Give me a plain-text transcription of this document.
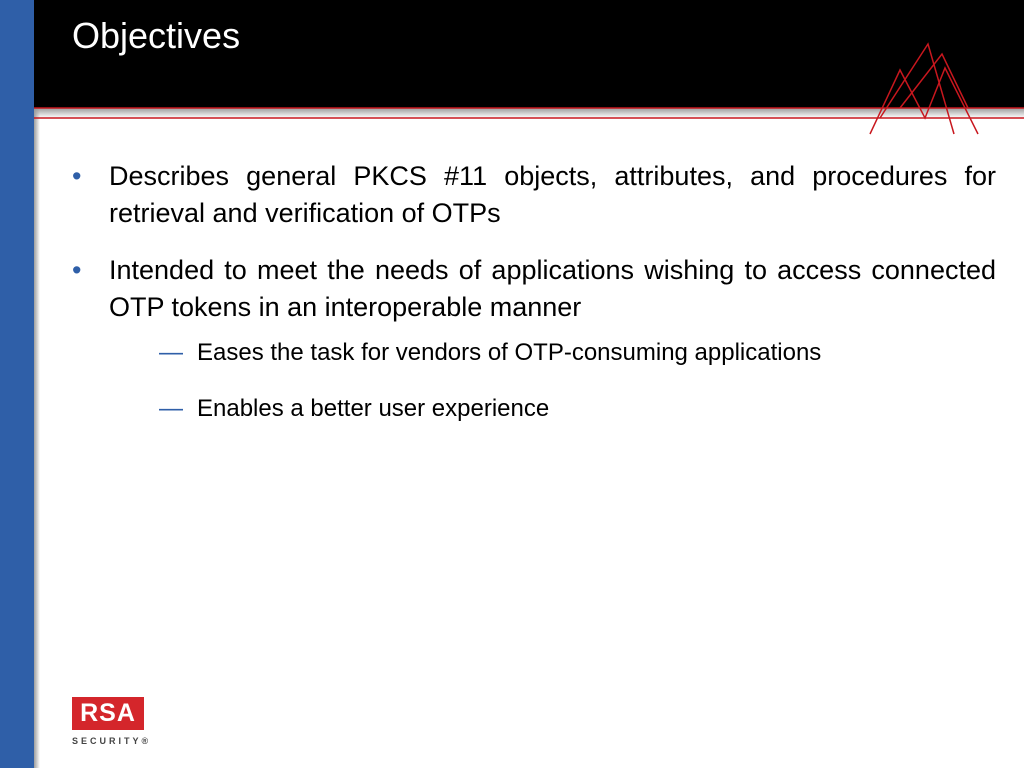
Objectives
• Describes general PKCS #11 objects, attributes, and procedures for retrieval and verification of OTPs
• Intended to meet the needs of applications wishing to access connected OTP tokens in an interoperable manner
— Eases the task for vendors of OTP-consuming applications
— Enables a better user experience
RSA
SECURITY®
